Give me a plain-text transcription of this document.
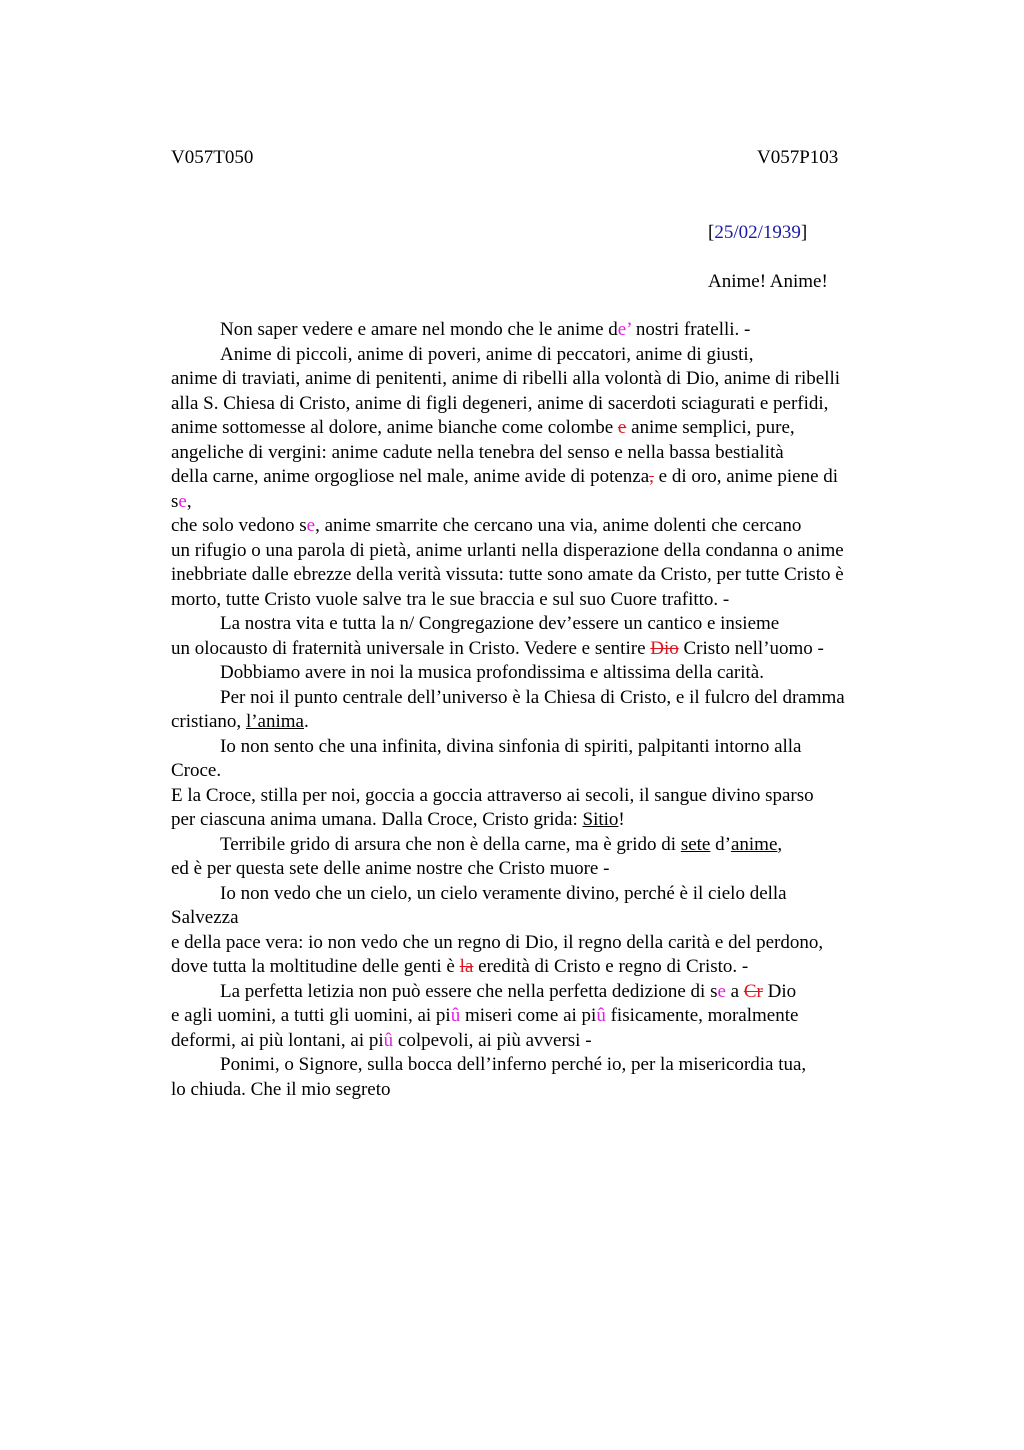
V057T050	V057P103
[25/02/1939]
Anime! Anime!
Non saper vedere e amare nel mondo che le anime de’ nostri fratelli. -
Anime di piccoli, anime di poveri, anime di peccatori, anime di giusti,
anime di traviati, anime di penitenti, anime di ribelli alla volontà di Dio, anime di ribelli
alla S. Chiesa di Cristo, anime di figli degeneri, anime di sacerdoti sciagurati e perfidi,
anime sottomesse al dolore, anime bianche come colombe e anime semplici, pure,
angeliche di vergini: anime cadute nella tenebra del senso e nella bassa bestialità
della carne, anime orgogliose nel male, anime avide di potenza, e di oro, anime piene di
se,
che solo vedono se, anime smarrite che cercano una via, anime dolenti che cercano
un rifugio o una parola di pietà, anime urlanti nella disperazione della condanna o anime
inebbriate dalle ebrezze della verità vissuta: tutte sono amate da Cristo, per tutte Cristo è
morto, tutte Cristo vuole salve tra le sue braccia e sul suo Cuore trafitto. -
La nostra vita e tutta la n/ Congregazione dev’essere un cantico e insieme
un olocausto di fraternità universale in Cristo. Vedere e sentire Dio Cristo nell’uomo -
Dobbiamo avere in noi la musica profondissima e altissima della carità.
Per noi il punto centrale dell’universo è la Chiesa di Cristo, e il fulcro del dramma
cristiano, l’anima.
Io non sento che una infinita, divina sinfonia di spiriti, palpitanti intorno alla
Croce.
E la Croce, stilla per noi, goccia a goccia attraverso ai secoli, il sangue divino sparso
per ciascuna anima umana. Dalla Croce, Cristo grida: Sitio!
Terribile grido di arsura che non è della carne, ma è grido di sete d’anime,
ed è per questa sete delle anime nostre che Cristo muore -
Io non vedo che un cielo, un cielo veramente divino, perché è il cielo della
Salvezza
e della pace vera: io non vedo che un regno di Dio, il regno della carità e del perdono,
dove tutta la moltitudine delle genti è la eredità di Cristo e regno di Cristo. -
La perfetta letizia non può essere che nella perfetta dedizione di se a Cr Dio
e agli uomini, a tutti gli uomini, ai piû miseri come ai piû fisicamente, moralmente
deformi, ai più lontani, ai piû colpevoli, ai più avversi -
Ponimi, o Signore, sulla bocca dell’inferno perché io, per la misericordia tua,
lo chiuda. Che il mio segreto
